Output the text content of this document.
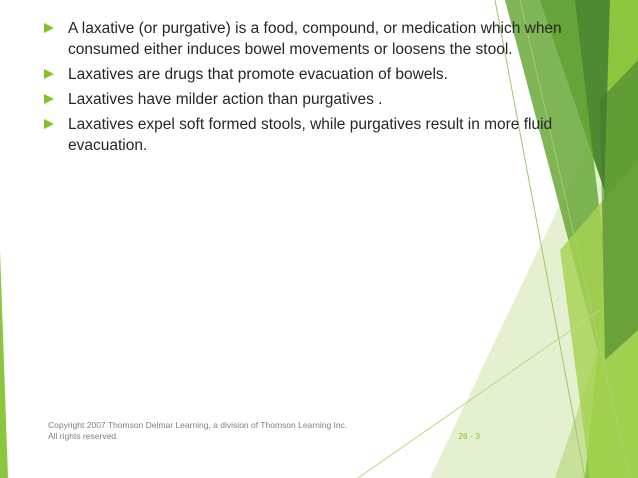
A laxative (or purgative) is a food, compound, or medication which when consumed either induces bowel movements or loosens the stool.
Laxatives are drugs that promote evacuation of bowels.
Laxatives have milder action than purgatives .
Laxatives expel soft formed stools, while purgatives result in more fluid evacuation.
Copyright 2007 Thomson Delmar Learning, a division of Thomson Learning Inc. All rights reserved.	26 - 3
